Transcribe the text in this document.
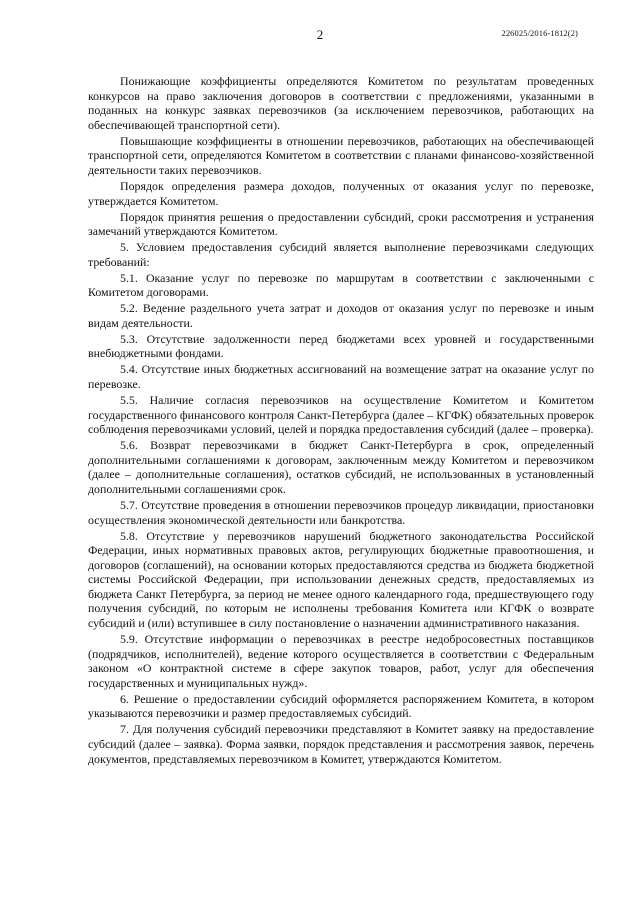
2	226025/2016-1812(2)

Понижающие коэффициенты определяются Комитетом по результатам проведенных конкурсов на право заключения договоров в соответствии с предложениями, указанными в поданных на конкурс заявках перевозчиков (за исключением перевозчиков, работающих на обеспечивающей транспортной сети).

Повышающие коэффициенты в отношении перевозчиков, работающих на обеспечивающей транспортной сети, определяются Комитетом в соответствии с планами финансово-хозяйственной деятельности таких перевозчиков.

Порядок определения размера доходов, полученных от оказания услуг по перевозке, утверждается Комитетом.

Порядок принятия решения о предоставлении субсидий, сроки рассмотрения и устранения замечаний утверждаются Комитетом.

5. Условием предоставления субсидий является выполнение перевозчиками следующих требований:

5.1. Оказание услуг по перевозке по маршрутам в соответствии с заключенными с Комитетом договорами.

5.2. Ведение раздельного учета затрат и доходов от оказания услуг по перевозке и иным видам деятельности.

5.3. Отсутствие задолженности перед бюджетами всех уровней и государственными внебюджетными фондами.

5.4. Отсутствие иных бюджетных ассигнований на возмещение затрат на оказание услуг по перевозке.

5.5. Наличие согласия перевозчиков на осуществление Комитетом и Комитетом государственного финансового контроля Санкт-Петербурга (далее – КГФК) обязательных проверок соблюдения перевозчиками условий, целей и порядка предоставления субсидий (далее – проверка).

5.6. Возврат перевозчиками в бюджет Санкт-Петербурга в срок, определенный дополнительными соглашениями к договорам, заключенным между Комитетом и перевозчиком (далее – дополнительные соглашения), остатков субсидий, не использованных в установленный дополнительными соглашениями срок.

5.7. Отсутствие проведения в отношении перевозчиков процедур ликвидации, приостановки осуществления экономической деятельности или банкротства.

5.8. Отсутствие у перевозчиков нарушений бюджетного законодательства Российской Федерации, иных нормативных правовых актов, регулирующих бюджетные правоотношения, и договоров (соглашений), на основании которых предоставляются средства из бюджета бюджетной системы Российской Федерации, при использовании денежных средств, предоставляемых из бюджета Санкт Петербурга, за период не менее одного календарного года, предшествующего году получения субсидий, по которым не исполнены требования Комитета или КГФК о возврате субсидий и (или) вступившее в силу постановление о назначении административного наказания.

5.9. Отсутствие информации о перевозчиках в реестре недобросовестных поставщиков (подрядчиков, исполнителей), ведение которого осуществляется в соответствии с Федеральным законом «О контрактной системе в сфере закупок товаров, работ, услуг для обеспечения государственных и муниципальных нужд».

6. Решение о предоставлении субсидий оформляется распоряжением Комитета, в котором указываются перевозчики и размер предоставляемых субсидий.

7. Для получения субсидий перевозчики представляют в Комитет заявку на предоставление субсидий (далее – заявка). Форма заявки, порядок представления и рассмотрения заявок, перечень документов, представляемых перевозчиком в Комитет, утверждаются Комитетом.
